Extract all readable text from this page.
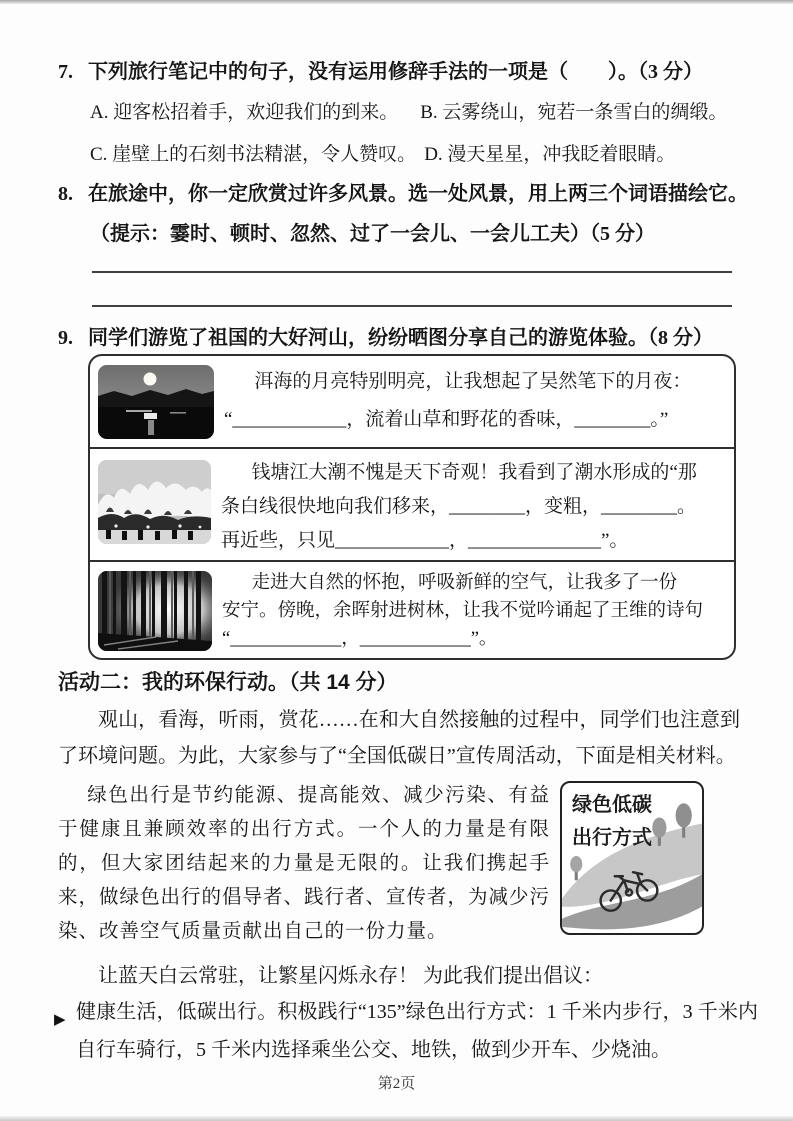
7. 下列旅行笔记中的句子，没有运用修辞手法的一项是（　　）。（3 分）
A. 迎客松招着手，欢迎我们的到来。 B. 云雾绕山，宛若一条雪白的绸缎。
C. 崖壁上的石刻书法精湛，令人赞叹。 D. 漫天星星，冲我眨着眼睛。
8. 在旅途中，你一定欣赏过许多风景。选一处风景，用上两三个词语描绘它。
（提示：霎时、顿时、忽然、过了一会儿、一会儿工夫）（5 分）
9. 同学们游览了祖国的大好河山，纷纷晒图分享自己的游览体验。（8 分）
洱海的月亮特别明亮，让我想起了吴然笔下的月夜：
“____________，流着山草和野花的香味，________。”
钱塘江大潮不愧是天下奇观！我看到了潮水形成的“那
条白线很快地向我们移来，________，变粗，________。
再近些，只见____________，______________”。
走进大自然的怀抱，呼吸新鲜的空气，让我多了一份
安宁。傍晚，余晖射进树林，让我不觉吟诵起了王维的诗句
“____________，____________”。
活动二：我的环保行动。（共 14 分）
观山，看海，听雨，赏花……在和大自然接触的过程中，同学们也注意到了环境问题。为此，大家参与了“全国低碳日”宣传周活动，下面是相关材料。
绿色低碳
出行方式
绿色出行是节约能源、提高能效、减少污染、有益于健康且兼顾效率的出行方式。一个人的力量是有限的，但大家团结起来的力量是无限的。让我们携起手来，做绿色出行的倡导者、践行者、宣传者，为减少污染、改善空气质量贡献出自己的一份力量。
让蓝天白云常驻，让繁星闪烁永存！ 为此我们提出倡议：
▶ 健康生活，低碳出行。积极践行“135”绿色出行方式：1 千米内步行，3 千米内自行车骑行，5 千米内选择乘坐公交、地铁，做到少开车、少烧油。
第2页
